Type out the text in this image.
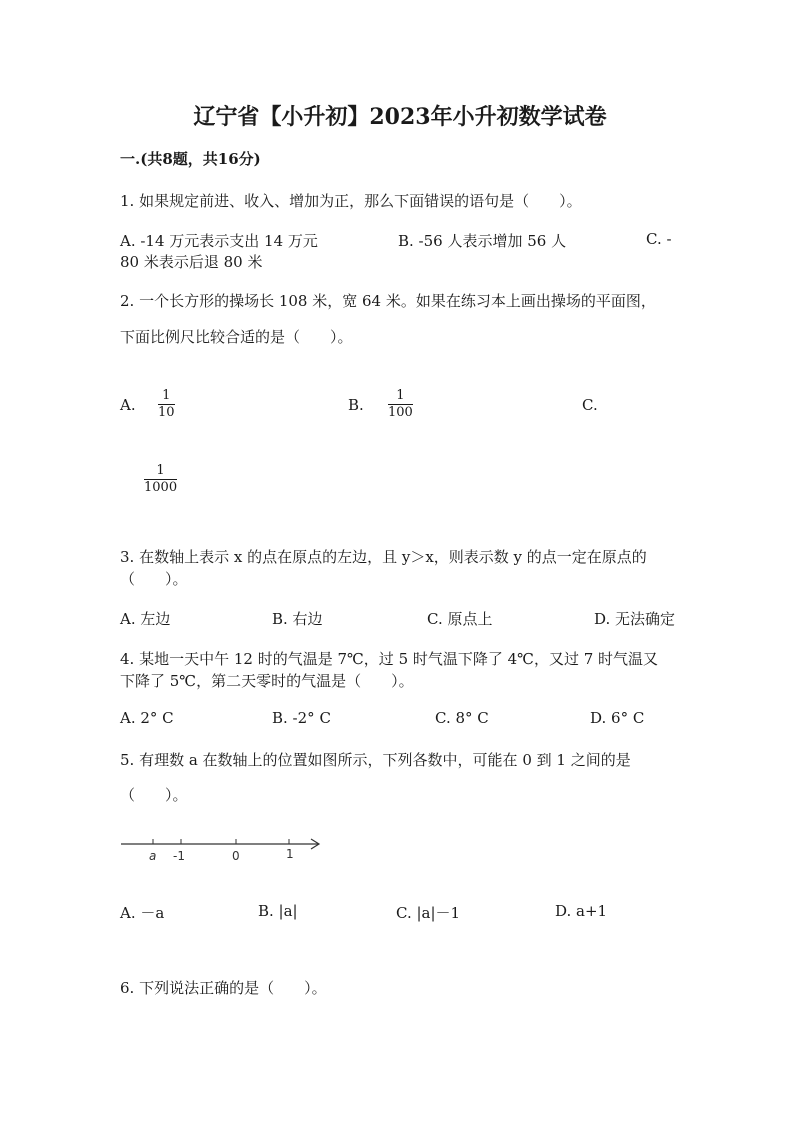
辽宁省【小升初】2023年小升初数学试卷
一.(共8题，共16分)
1. 如果规定前进、收入、增加为正，那么下面错误的语句是（　　）。
A. -14 万元表示支出 14 万元	B. -56 人表示增加 56 人	C. -
80 米表示后退 80 米
2. 一个长方形的操场长 108 米，宽 64 米。如果在练习本上画出操场的平面图，
下面比例尺比较合适的是（　　）。
A. $\frac{1}{10}$	B. $\frac{1}{100}$	C.
$\frac{1}{1000}$
3. 在数轴上表示 x 的点在原点的左边，且 y＞x，则表示数 y 的点一定在原点的
（　　）。
A. 左边	B. 右边	C. 原点上	D. 无法确定
4. 某地一天中午 12 时的气温是 7℃，过 5 时气温下降了 4℃，又过 7 时气温又
下降了 5℃，第二天零时的气温是（　　）。
A. 2° C	B. -2° C	C. 8° C	D. 6° C
5. 有理数 a 在数轴上的位置如图所示，下列各数中，可能在 0 到 1 之间的是
（　　）。
a -1	0	1
A. －a	B. |a|	C. |a|－1	D. a+1
6. 下列说法正确的是（　　）。
